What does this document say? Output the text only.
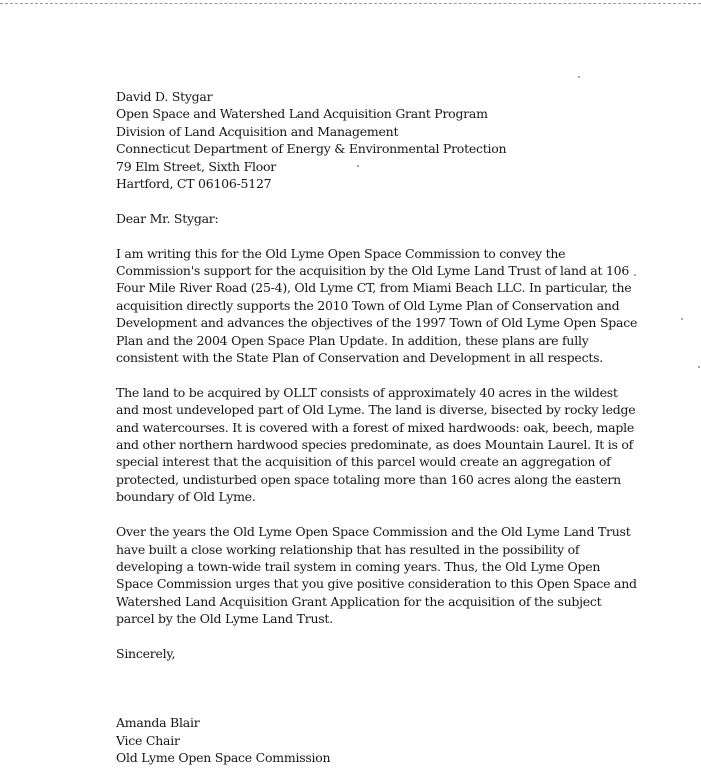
David D. Stygar
Open Space and Watershed Land Acquisition Grant Program
Division of Land Acquisition and Management
Connecticut Department of Energy & Environmental Protection
79 Elm Street, Sixth Floor
Hartford, CT 06106-5127
Dear Mr. Stygar:

I am writing this for the Old Lyme Open Space Commission to convey the Commission's support for the acquisition by the Old Lyme Land Trust of land at 106 Four Mile River Road (25-4), Old Lyme CT, from Miami Beach LLC. In particular, the acquisition directly supports the 2010 Town of Old Lyme Plan of Conservation and Development and advances the objectives of the 1997 Town of Old Lyme Open Space Plan and the 2004 Open Space Plan Update. In addition, these plans are fully consistent with the State Plan of Conservation and Development in all respects.

The land to be acquired by OLLT consists of approximately 40 acres in the wildest and most undeveloped part of Old Lyme. The land is diverse, bisected by rocky ledge and watercourses. It is covered with a forest of mixed hardwoods: oak, beech, maple and other northern hardwood species predominate, as does Mountain Laurel. It is of special interest that the acquisition of this parcel would create an aggregation of protected, undisturbed open space totaling more than 160 acres along the eastern boundary of Old Lyme.

Over the years the Old Lyme Open Space Commission and the Old Lyme Land Trust have built a close working relationship that has resulted in the possibility of developing a town-wide trail system in coming years. Thus, the Old Lyme Open Space Commission urges that you give positive consideration to this Open Space and Watershed Land Acquisition Grant Application for the acquisition of the subject parcel by the Old Lyme Land Trust.

Sincerely,
Amanda Blair
Vice Chair
Old Lyme Open Space Commission
